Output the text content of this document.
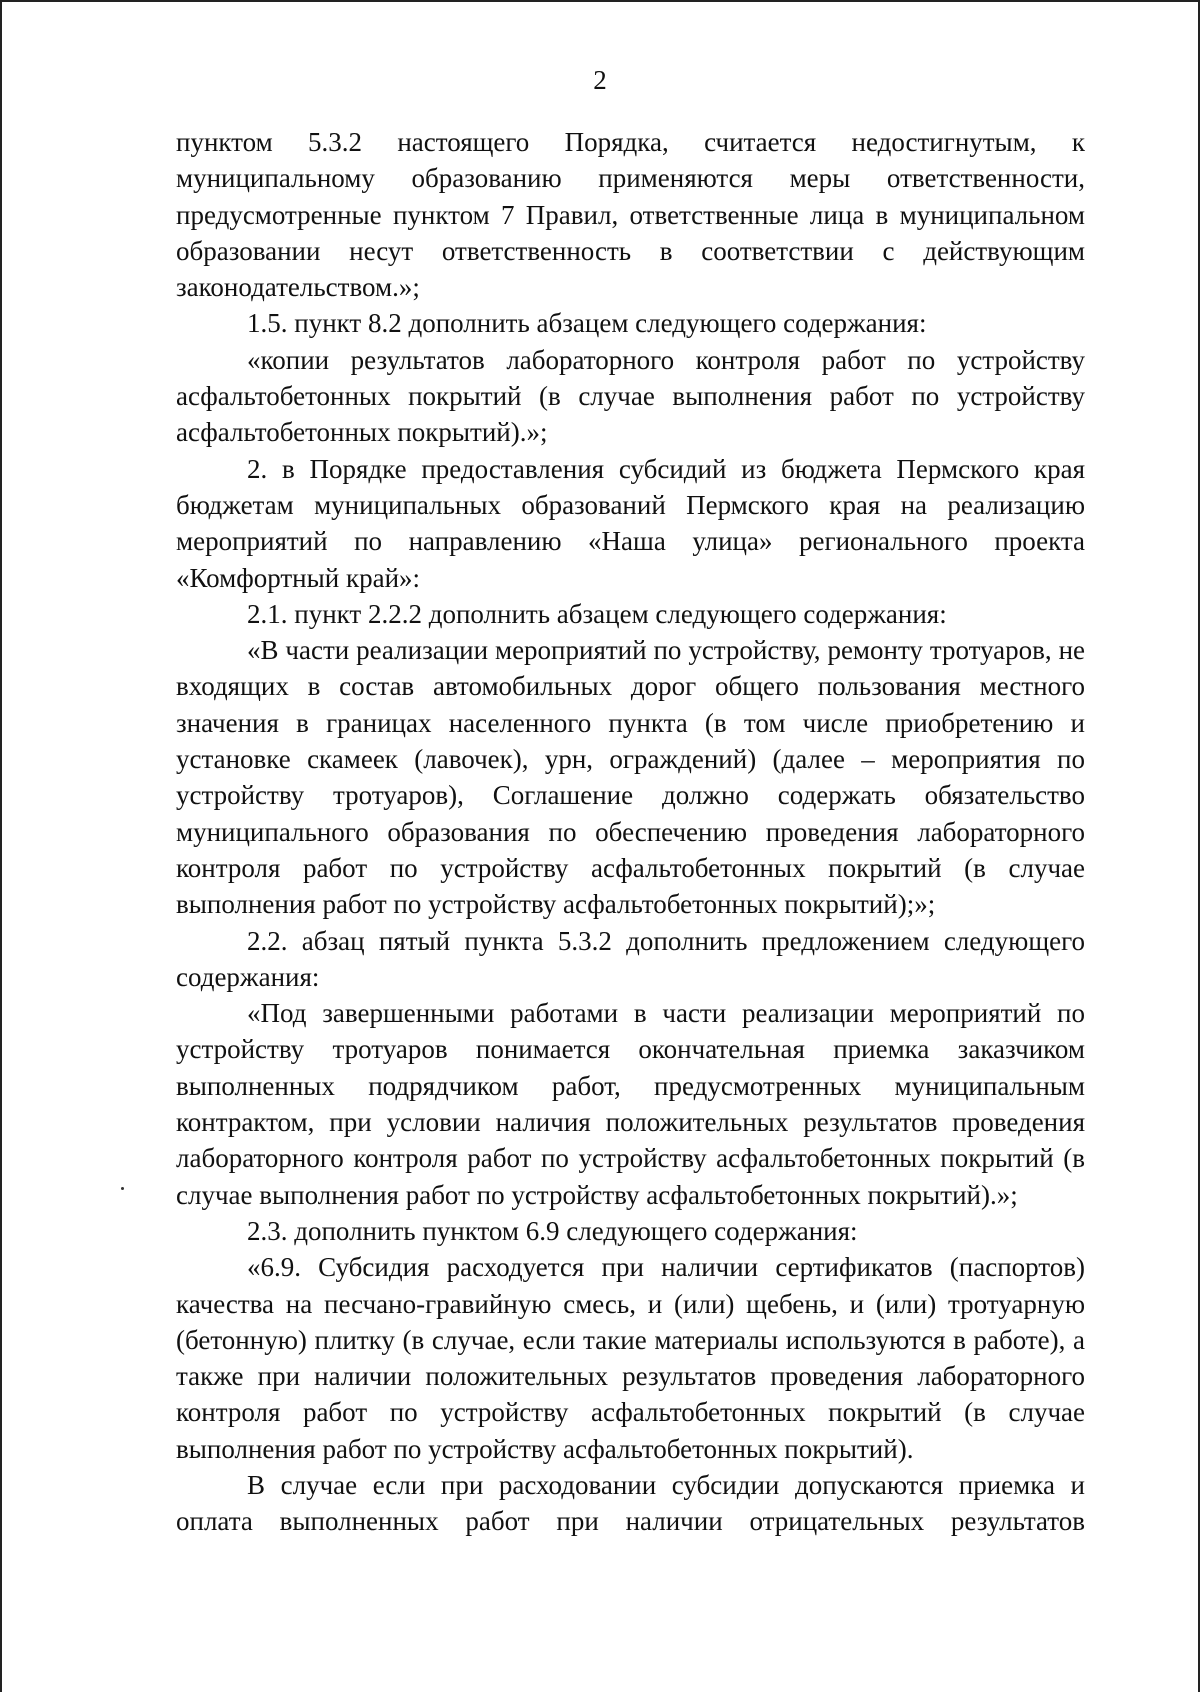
2

пунктом 5.3.2 настоящего Порядка, считается недостигнутым, к муниципальному образованию применяются меры ответственности, предусмотренные пунктом 7 Правил, ответственные лица в муниципальном образовании несут ответственность в соответствии с действующим законодательством.»;

1.5. пункт 8.2 дополнить абзацем следующего содержания:

«копии результатов лабораторного контроля работ по устройству асфальтобетонных покрытий (в случае выполнения работ по устройству асфальтобетонных покрытий).»;

2. в Порядке предоставления субсидий из бюджета Пермского края бюджетам муниципальных образований Пермского края на реализацию мероприятий по направлению «Наша улица» регионального проекта «Комфортный край»:

2.1. пункт 2.2.2 дополнить абзацем следующего содержания:

«В части реализации мероприятий по устройству, ремонту тротуаров, не входящих в состав автомобильных дорог общего пользования местного значения в границах населенного пункта (в том числе приобретению и установке скамеек (лавочек), урн, ограждений) (далее – мероприятия по устройству тротуаров), Соглашение должно содержать обязательство муниципального образования по обеспечению проведения лабораторного контроля работ по устройству асфальтобетонных покрытий (в случае выполнения работ по устройству асфальтобетонных покрытий);»;

2.2. абзац пятый пункта 5.3.2 дополнить предложением следующего содержания:

«Под завершенными работами в части реализации мероприятий по устройству тротуаров понимается окончательная приемка заказчиком выполненных подрядчиком работ, предусмотренных муниципальным контрактом, при условии наличия положительных результатов проведения лабораторного контроля работ по устройству асфальтобетонных покрытий (в случае выполнения работ по устройству асфальтобетонных покрытий).»;

2.3. дополнить пунктом 6.9 следующего содержания:

«6.9. Субсидия расходуется при наличии сертификатов (паспортов) качества на песчано-гравийную смесь, и (или) щебень, и (или) тротуарную (бетонную) плитку (в случае, если такие материалы используются в работе), а также при наличии положительных результатов проведения лабораторного контроля работ по устройству асфальтобетонных покрытий (в случае выполнения работ по устройству асфальтобетонных покрытий).

В случае если при расходовании субсидии допускаются приемка и оплата выполненных работ при наличии отрицательных результатов
